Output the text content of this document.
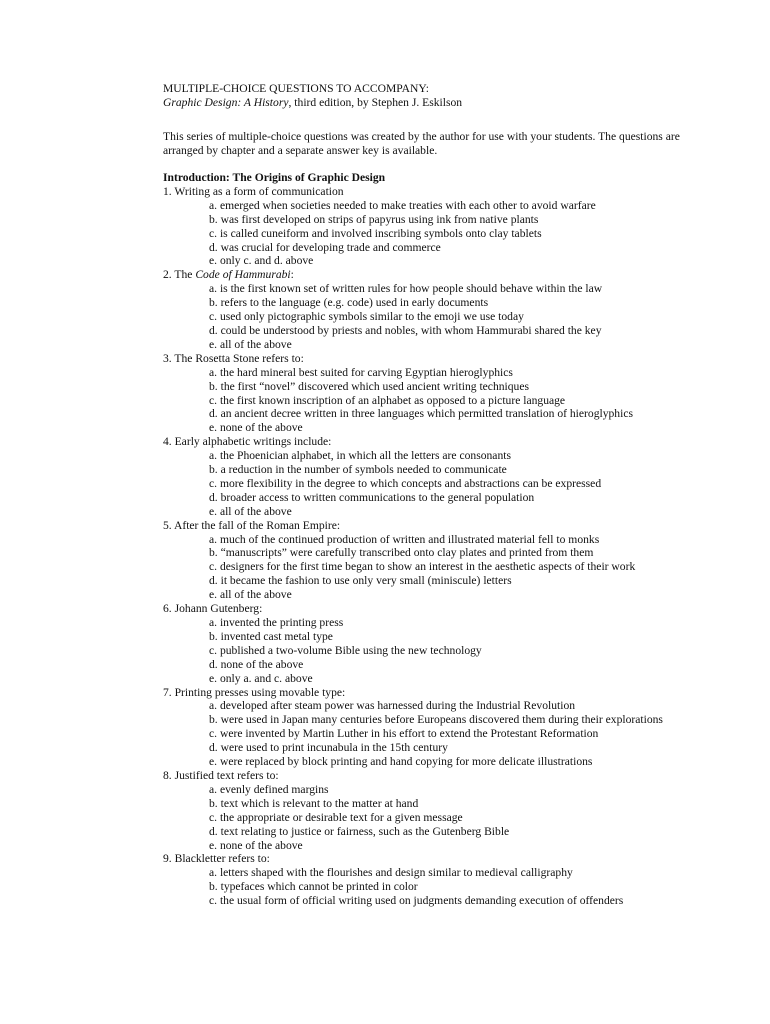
MULTIPLE-CHOICE QUESTIONS TO ACCOMPANY:
Graphic Design: A History, third edition, by Stephen J. Eskilson
This series of multiple-choice questions was created by the author for use with your students. The questions are arranged by chapter and a separate answer key is available.
Introduction: The Origins of Graphic Design
1. Writing as a form of communication
a. emerged when societies needed to make treaties with each other to avoid warfare
b. was first developed on strips of papyrus using ink from native plants
c. is called cuneiform and involved inscribing symbols onto clay tablets
d. was crucial for developing trade and commerce
e. only c. and d. above
2. The Code of Hammurabi:
a. is the first known set of written rules for how people should behave within the law
b. refers to the language (e.g. code) used in early documents
c. used only pictographic symbols similar to the emoji we use today
d. could be understood by priests and nobles, with whom Hammurabi shared the key
e. all of the above
3. The Rosetta Stone refers to:
a. the hard mineral best suited for carving Egyptian hieroglyphics
b. the first “novel” discovered which used ancient writing techniques
c. the first known inscription of an alphabet as opposed to a picture language
d. an ancient decree written in three languages which permitted translation of hieroglyphics
e. none of the above
4. Early alphabetic writings include:
a. the Phoenician alphabet, in which all the letters are consonants
b. a reduction in the number of symbols needed to communicate
c. more flexibility in the degree to which concepts and abstractions can be expressed
d. broader access to written communications to the general population
e. all of the above
5. After the fall of the Roman Empire:
a. much of the continued production of written and illustrated material fell to monks
b. “manuscripts” were carefully transcribed onto clay plates and printed from them
c. designers for the first time began to show an interest in the aesthetic aspects of their work
d. it became the fashion to use only very small (miniscule) letters
e. all of the above
6. Johann Gutenberg:
a. invented the printing press
b. invented cast metal type
c. published a two-volume Bible using the new technology
d. none of the above
e. only a. and c. above
7. Printing presses using movable type:
a. developed after steam power was harnessed during the Industrial Revolution
b. were used in Japan many centuries before Europeans discovered them during their explorations
c. were invented by Martin Luther in his effort to extend the Protestant Reformation
d. were used to print incunabula in the 15th century
e. were replaced by block printing and hand copying for more delicate illustrations
8. Justified text refers to:
a. evenly defined margins
b. text which is relevant to the matter at hand
c. the appropriate or desirable text for a given message
d. text relating to justice or fairness, such as the Gutenberg Bible
e. none of the above
9. Blackletter refers to:
a. letters shaped with the flourishes and design similar to medieval calligraphy
b. typefaces which cannot be printed in color
c. the usual form of official writing used on judgments demanding execution of offenders
